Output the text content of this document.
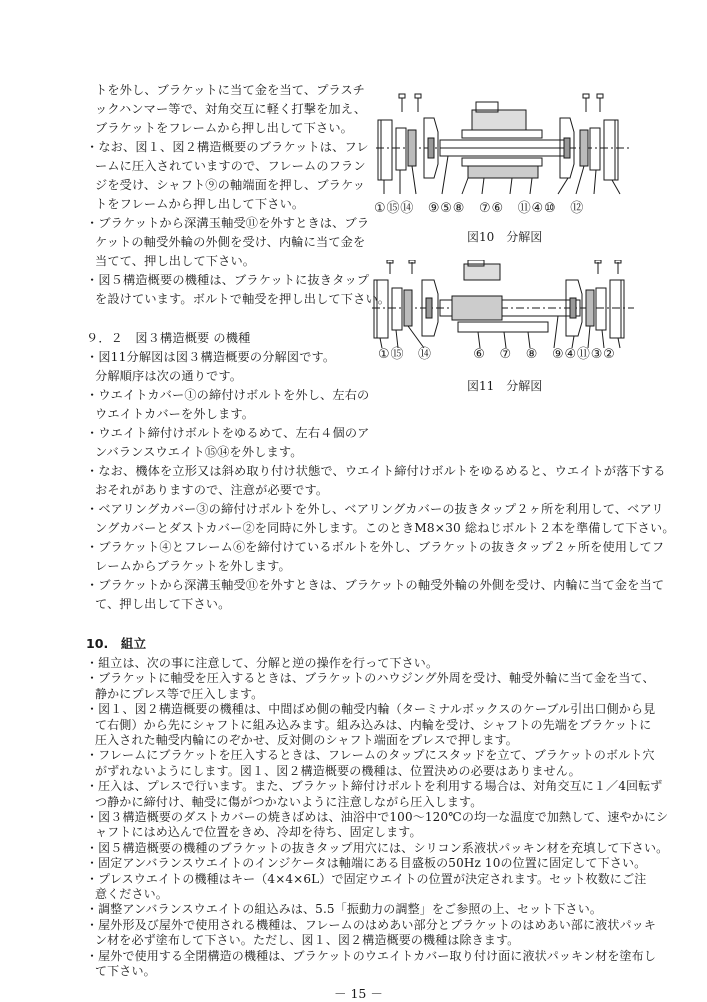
トを外し、ブラケットに当て金を当て、プラスチ
ックハンマー等で、対角交互に軽く打撃を加え、
ブラケットをフレームから押し出して下さい。
・なお、図１、図２構造概要のブラケットは、フレ
ームに圧入されていますので、フレームのフラン
ジを受け、シャフト⑨の軸端面を押し、ブラケッ
トをフレームから押し出して下さい。
・ブラケットから深溝玉軸受⑪を外すときは、ブラ
ケットの軸受外輪の外側を受け、内輪に当て金を
当てて、押し出して下さい。
・図５構造概要の機種は、ブラケットに抜きタップ
を設けています。ボルトで軸受を押し出して下さい。
９．２　図３構造概要 の機種
・図11分解図は図３構造概要の分解図です。
分解順序は次の通りです。
・ウエイトカバー①の締付けボルトを外し、左右の
ウエイトカバーを外します。
・ウエイト締付けボルトをゆるめて、左右４個のア
ンバランスウエイト⑮⑭を外します。
・なお、機体を立形又は斜め取り付け状態で、ウエイト締付けボルトをゆるめると、ウエイトが落下する
おそれがありますので、注意が必要です。
・ベアリングカバー③の締付けボルトを外し、ベアリングカバーの抜きタップ２ヶ所を利用して、ベアリ
ングカバーとダストカバー②を同時に外します。このときM8×30 総ねじボルト２本を準備して下さい。
・ブラケット④とフレーム⑥を締付けているボルトを外し、ブラケットの抜きタップ２ヶ所を使用してフ
レームからブラケットを外します。
・ブラケットから深溝玉軸受⑪を外すときは、ブラケットの軸受外輪の外側を受け、内輪に当て金を当て
て、押し出して下さい。
10.　組立
①⑮⑭　⑨⑤⑧　⑦⑥　⑪④⑩　⑫
図10　分解図
①⑮　⑭　　　⑥　⑦　⑧　⑨④⑪③②
図11　分解図
－ 15 －
・組立は、次の事に注意して、分解と逆の操作を行って下さい。
・ブラケットに軸受を圧入するときは、ブラケットのハウジング外周を受け、軸受外輪に当て金を当て、
静かにプレス等で圧入します。
・図１、図２構造概要の機種は、中間ばめ側の軸受内輪（ターミナルボックスのケーブル引出口側から見
て右側）から先にシャフトに組み込みます。組み込みは、内輪を受け、シャフトの先端をブラケットに
圧入された軸受内輪にのぞかせ、反対側のシャフト端面をプレスで押します。
・フレームにブラケットを圧入するときは、フレームのタップにスタッドを立て、ブラケットのボルト穴
がずれないようにします。図１、図２構造概要の機種は、位置決めの必要はありません。
・圧入は、プレスで行います。また、ブラケット締付けボルトを利用する場合は、対角交互に１／4回転ず
つ静かに締付け、軸受に傷がつかないように注意しながら圧入します。
・図３構造概要のダストカバーの焼きばめは、油浴中で100～120℃の均一な温度で加熱して、速やかにシ
ャフトにはめ込んで位置をきめ、冷却を待ち、固定します。
・図５構造概要の機種のブラケットの抜きタップ用穴には、シリコン系液状パッキン材を充填して下さい。
・固定アンバランスウエイトのインジケータは軸端にある目盛板の50Hz 10の位置に固定して下さい。
・プレスウエイトの機種はキー（4×4×6L）で固定ウエイトの位置が決定されます。セット枚数にご注
意ください。
・調整アンバランスウエイトの組込みは、5.5「振動力の調整」をご参照の上、セット下さい。
・屋外形及び屋外で使用される機種は、フレームのはめあい部分とブラケットのはめあい部に液状パッキ
ン材を必ず塗布して下さい。ただし、図１、図２構造概要の機種は除きます。
・屋外で使用する全閉構造の機種は、ブラケットのウエイトカバー取り付け面に液状パッキン材を塗布し
て下さい。
